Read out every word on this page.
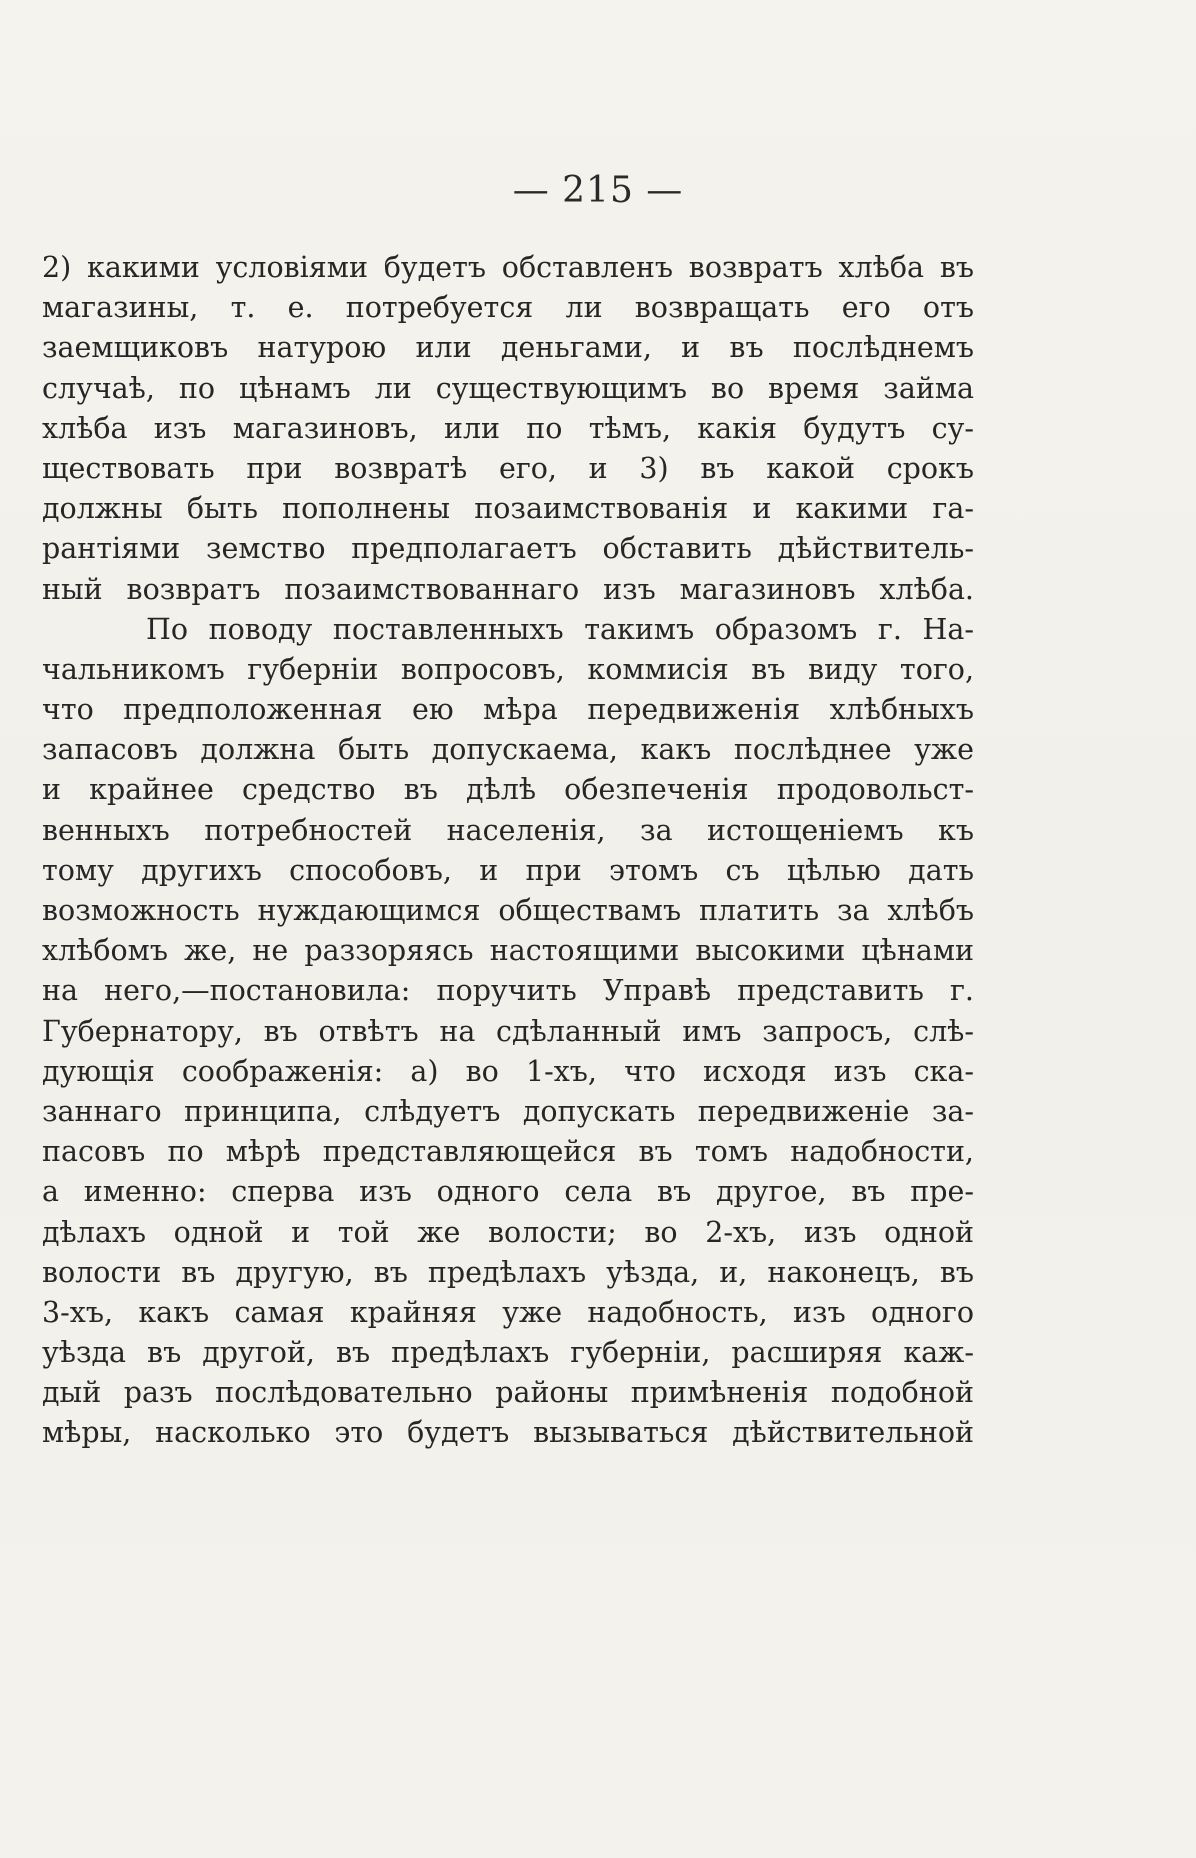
— 215 —
2) какими условіями будетъ обставленъ возвратъ хлѣба въ
магазины, т. е. потребуется ли возвращать его отъ
заемщиковъ натурою или деньгами, и въ послѣднемъ
случаѣ, по цѣнамъ ли существующимъ во время займа
хлѣба изъ магазиновъ, или по тѣмъ, какія будутъ су-
ществовать при возвратѣ его, и 3) въ какой срокъ
должны быть пополнены позаимствованія и какими га-
рантіями земство предполагаетъ обставить дѣйствитель-
ный возвратъ позаимствованнаго изъ магазиновъ хлѣба.
По поводу поставленныхъ такимъ образомъ г. На-
чальникомъ губерніи вопросовъ, коммисія въ виду того,
что предположенная ею мѣра передвиженія хлѣбныхъ
запасовъ должна быть допускаема, какъ послѣднее уже
и крайнее средство въ дѣлѣ обезпеченія продовольст-
венныхъ потребностей населенія, за истощеніемъ къ
тому другихъ способовъ, и при этомъ съ цѣлью дать
возможность нуждающимся обществамъ платить за хлѣбъ
хлѣбомъ же, не раззоряясь настоящими высокими цѣнами
на него,—постановила: поручить Управѣ представить г.
Губернатору, въ отвѣтъ на сдѣланный имъ запросъ, слѣ-
дующія соображенія: а) во 1-хъ, что исходя изъ ска-
заннаго принципа, слѣдуетъ допускать передвиженіе за-
пасовъ по мѣрѣ представляющейся въ томъ надобности,
а именно: сперва изъ одного села въ другое, въ пре-
дѣлахъ одной и той же волости; во 2-хъ, изъ одной
волости въ другую, въ предѣлахъ уѣзда, и, наконецъ, въ
3-хъ, какъ самая крайняя уже надобность, изъ одного
уѣзда въ другой, въ предѣлахъ губерніи, расширяя каж-
дый разъ послѣдовательно районы примѣненія подобной
мѣры, насколько это будетъ вызываться дѣйствительной
